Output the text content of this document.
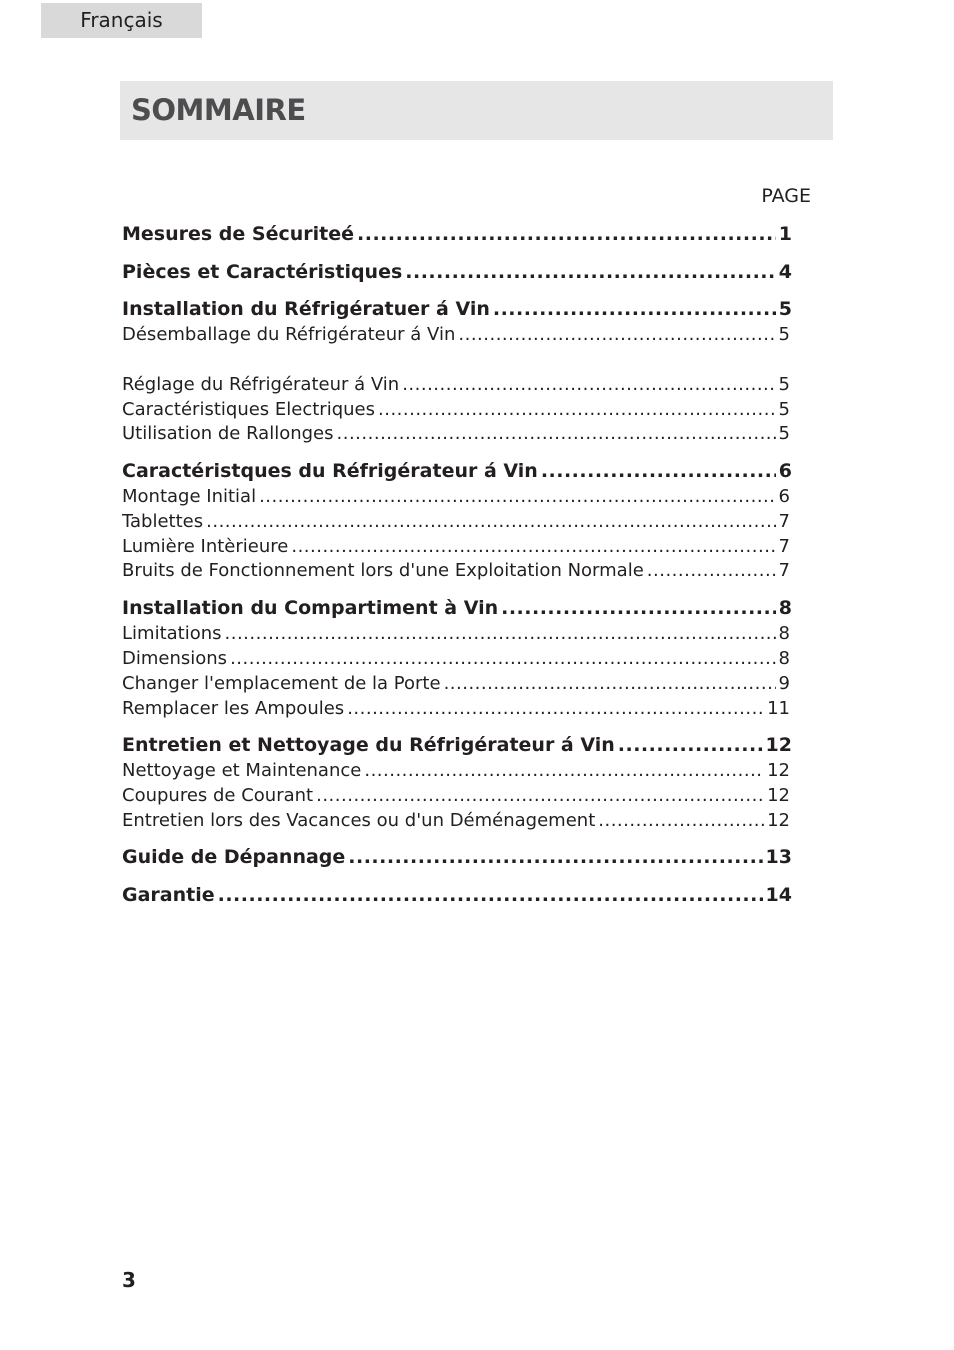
Français
SOMMAIRE
PAGE
Mesures de Sécuriteé .....	1
Pièces et Caractéristiques .....	4
Installation du Réfrigératuer á Vin .....	5
Désemballage du Réfrigérateur á Vin .....	5
Réglage du Réfrigérateur á Vin .....	5
Caractéristiques Electriques .....	5
Utilisation de Rallonges .....	5
Caractéristques du Réfrigérateur á Vin .....	6
Montage Initial .....	6
Tablettes .....	7
Lumière Intèrieure .....	7
Bruits de Fonctionnement lors d'une Exploitation Normale .....	7
Installation du Compartiment à Vin .....	8
Limitations .....	8
Dimensions .....	8
Changer l'emplacement de la Porte .....	9
Remplacer les Ampoules .....	11
Entretien et Nettoyage du Réfrigérateur á Vin .....	12
Nettoyage et Maintenance .....	12
Coupures de Courant .....	12
Entretien lors des Vacances ou d'un Déménagement .....	12
Guide de Dépannage .....	13
Garantie .....	14
3
